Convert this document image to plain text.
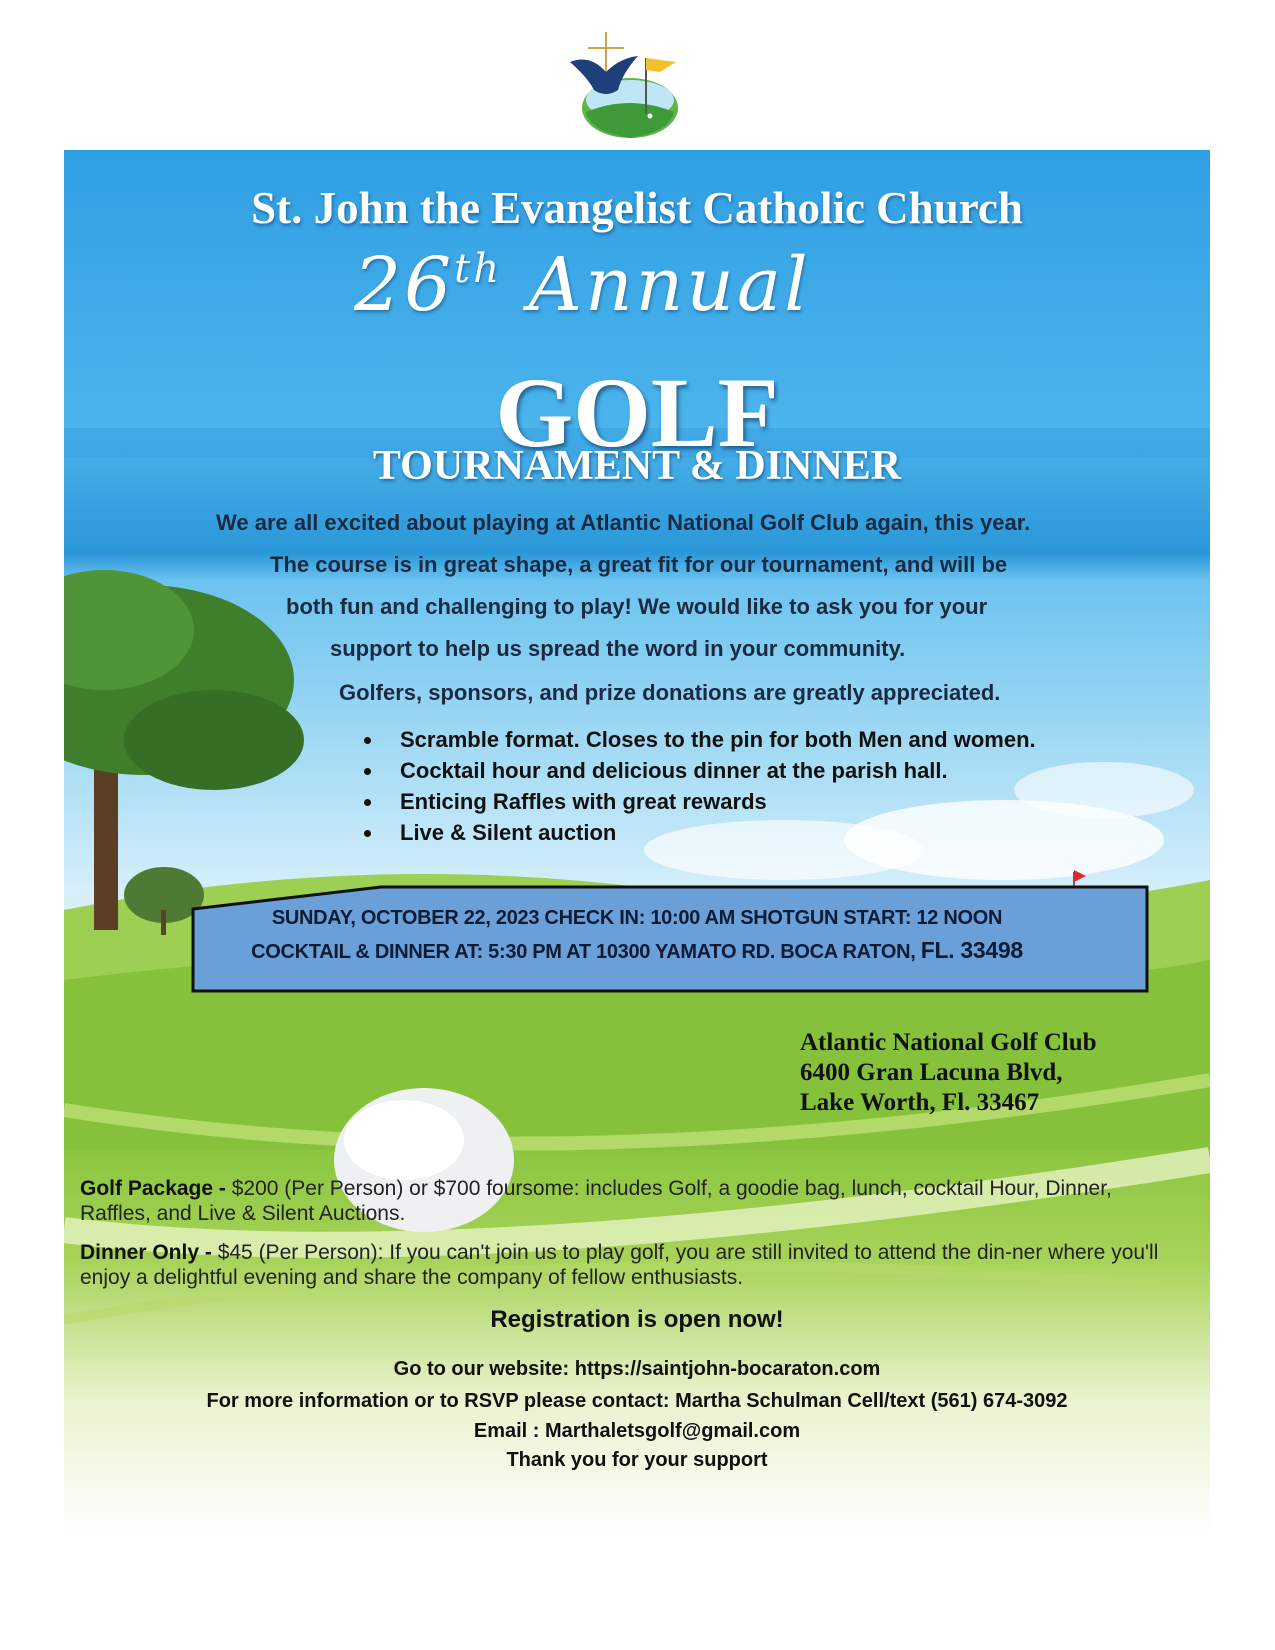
St. John the Evangelist Catholic Church
26th Annual
GOLF
TOURNAMENT & DINNER
We are all excited about playing at Atlantic National Golf Club again, this year.
The course is in great shape, a great fit for our tournament, and will be
both fun and challenging to play! We would like to ask you for your
support to help us spread the word in your community.
Golfers, sponsors, and prize donations are greatly appreciated.
Scramble format. Closes to the pin for both Men and women.
Cocktail hour and delicious dinner at the parish hall.
Enticing Raffles with great rewards
Live & Silent auction
SUNDAY, OCTOBER 22, 2023 CHECK IN: 10:00 AM SHOTGUN START: 12 NOON
COCKTAIL & DINNER AT: 5:30 PM AT 10300 YAMATO RD. BOCA RATON, FL. 33498
Atlantic National Golf Club
6400 Gran Lacuna Blvd,
Lake Worth, Fl. 33467
Golf Package - $200 (Per Person) or $700 foursome: includes Golf, a goodie bag, lunch, cocktail Hour, Dinner, Raffles, and Live & Silent Auctions.
Dinner Only - $45 (Per Person): If you can't join us to play golf, you are still invited to attend the din-ner where you'll enjoy a delightful evening and share the company of fellow enthusiasts.
Registration is open now!
Go to our website: https://saintjohn-bocaraton.com
For more information or to RSVP please contact: Martha Schulman Cell/text (561) 674-3092
Email : Marthaletsgolf@gmail.com
Thank you for your support
